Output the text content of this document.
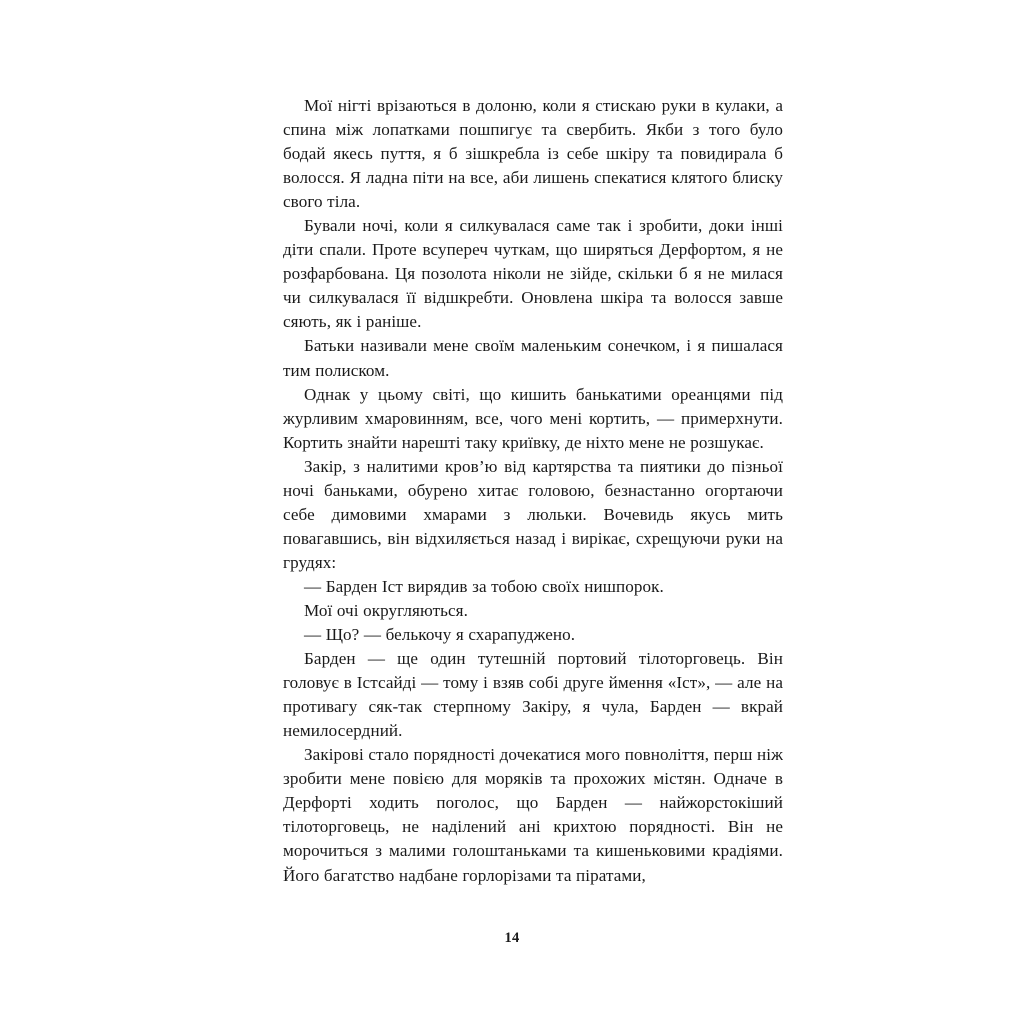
Мої нігті врізаються в долоню, коли я стискаю руки в кулаки, а спина між лопатками пошпигує та свербить. Якби з того було бодай якесь пуття, я б зішкребла із себе шкіру та повидирала б волосся. Я ладна піти на все, аби лишень спекатися клятого блиску свого тіла.

Бували ночі, коли я силкувалася саме так і зробити, доки інші діти спали. Проте всупереч чуткам, що ширяться Дерфортом, я не розфарбована. Ця позолота ніколи не зійде, скільки б я не милася чи силкувалася її відшкребти. Оновлена шкіра та волосся завше сяють, як і раніше.

Батьки називали мене своїм маленьким сонечком, і я пишалася тим полиском.

Однак у цьому світі, що кишить банькатими ореанцями під журливим хмаровинням, все, чого мені кортить, — примерхнути. Кортить знайти нарешті таку криївку, де ніхто мене не розшукає.

Закір, з налитими кров’ю від картярства та пиятики до пізньої ночі баньками, обурено хитає головою, безнастанно огортаючи себе димовими хмарами з люльки. Вочевидь якусь мить повагавшись, він відхиляється назад і вирікає, схрещуючи руки на грудях:

— Барден Іст вирядив за тобою своїх нишпорок.

Мої очі округляються.

— Що? — белькочу я схарапуджено.

Барден — ще один тутешній портовий тілоторговець. Він головує в Істсайді — тому і взяв собі друге ймення «Іст», — але на противагу сяк-так стерпному Закіру, я чула, Барден — вкрай немилосердний.

Закірові стало порядності дочекатися мого повноліття, перш ніж зробити мене повією для моряків та прохожих містян. Одначе в Дерфорті ходить поголос, що Барден — найжорстокіший тілоторговець, не наділений ані крихтою порядності. Він не морочиться з малими голоштаньками та кишеньковими крадіями. Його багатство надбане горлорізами та піратами,

14
